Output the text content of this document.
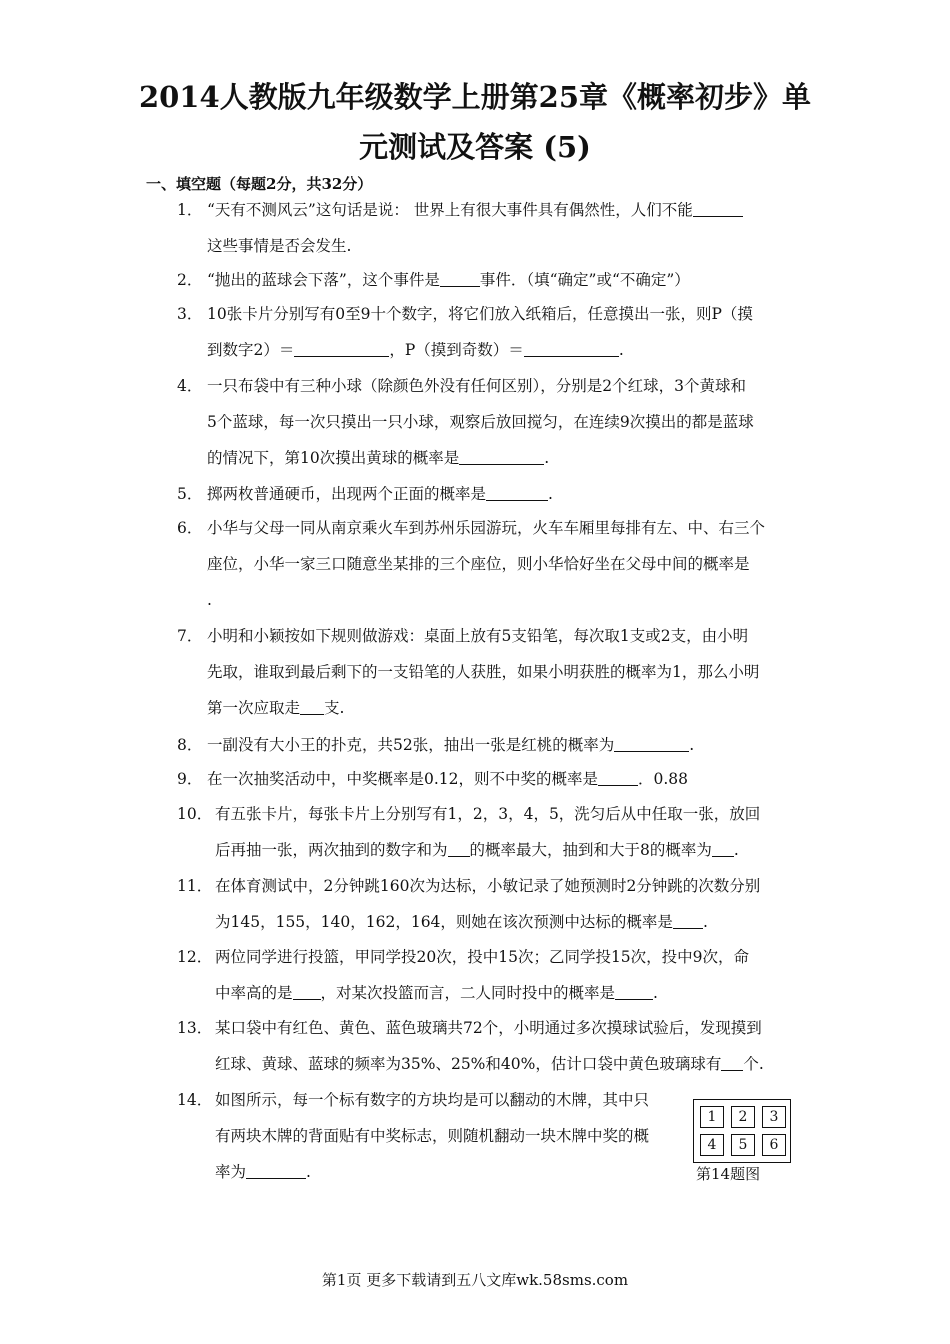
2014人教版九年级数学上册第25章《概率初步》单
元测试及答案 (5)
一、填空题（每题2分，共32分）
1． “天有不测风云”这句话是说： 世界上有很大事件具有偶然性，人们不能
这些事情是否会发生.
2． “抛出的蓝球会下落”，这个事件是	事件．（填“确定”或“不确定”）
3． 10张卡片分别写有0至9十个数字，将它们放入纸箱后，任意摸出一张，则P（摸
到数字2）＝	，P（摸到奇数）＝	.
4． 一只布袋中有三种小球（除颜色外没有任何区别），分别是2个红球，3个黄球和
5个蓝球，每一次只摸出一只小球，观察后放回搅匀，在连续9次摸出的都是蓝球
的情况下，第10次摸出黄球的概率是	.
5． 掷两枚普通硬币，出现两个正面的概率是	.
6． 小华与父母一同从南京乘火车到苏州乐园游玩，火车车厢里每排有左、中、右三个
座位，小华一家三口随意坐某排的三个座位，则小华恰好坐在父母中间的概率是
.
7． 小明和小颖按如下规则做游戏：桌面上放有5支铅笔，每次取1支或2支，由小明
先取，谁取到最后剩下的一支铅笔的人获胜，如果小明获胜的概率为1，那么小明
第一次应取走 支.
8． 一副没有大小王的扑克，共52张，抽出一张是红桃的概率为	.
9． 在一次抽奖活动中，中奖概率是0.12，则不中奖的概率是	．0.88
10． 有五张卡片，每张卡片上分别写有1，2，3，4，5，洗匀后从中任取一张，放回
后再抽一张，两次抽到的数字和为 的概率最大，抽到和大于8的概率为 .
11． 在体育测试中，2分钟跳160次为达标，小敏记录了她预测时2分钟跳的次数分别
为145，155，140，162，164，则她在该次预测中达标的概率是 .
12． 两位同学进行投篮，甲同学投20次，投中15次；乙同学投15次，投中9次，命
中率高的是 ，对某次投篮而言，二人同时投中的概率是 .
13． 某口袋中有红色、黄色、蓝色玻璃共72个，小明通过多次摸球试验后，发现摸到
红球、黄球、蓝球的频率为35%、25%和40%，估计口袋中黄色玻璃球有 个.
14． 如图所示，每一个标有数字的方块均是可以翻动的木牌，其中只
有两块木牌的背面贴有中奖标志，则随机翻动一块木牌中奖的概
率为	.
1	2	3
4	5	6
第14题图
第1页 更多下载请到五八文库wk.58sms.com
